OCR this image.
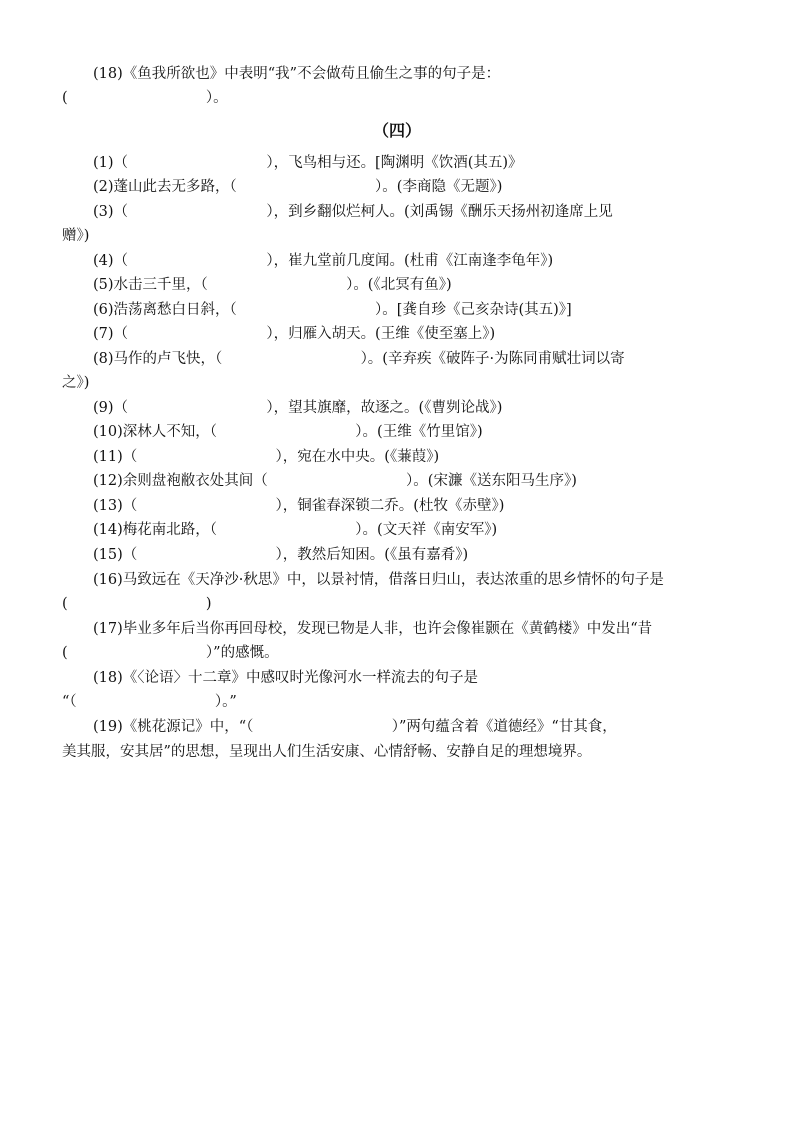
(18)《鱼我所欲也》中表明“我”不会做苟且偷生之事的句子是：
(                              ）。
（四）
(1)（                              ），飞鸟相与还。[陶渊明《饮酒(其五)》
(2)蓬山此去无多路，（                              ）。(李商隐《无题》)
(3)（                              ），到乡翻似烂柯人。(刘禹锡《酬乐天扬州初逢席上见
赠》)
(4)（                              ），崔九堂前几度闻。(杜甫《江南逢李龟年》)
(5)水击三千里，（                              ）。(《北冥有鱼》)
(6)浩荡离愁白日斜，（                              ）。[龚自珍《己亥杂诗(其五)》]
(7)（                              ），归雁入胡天。(王维《使至塞上》)
(8)马作的卢飞快，（                              ）。(辛弃疾《破阵子·为陈同甫赋壮词以寄
之》)
(9)（                              ），望其旗靡，故逐之。(《曹刿论战》)
(10)深林人不知，（                              ）。(王维《竹里馆》)
(11)（                              ），宛在水中央。(《蒹葭》)
(12)余则盘袍敝衣处其间（                              ）。(宋濂《送东阳马生序》)
(13)（                              ），铜雀春深锁二乔。(杜牧《赤壁》)
(14)梅花南北路，（                              ）。(文天祥《南安军》)
(15)（                              ），教然后知困。(《虽有嘉肴》)
(16)马致远在《天净沙·秋思》中，以景衬情，借落日归山，表达浓重的思乡情怀的句子是
(                              )
(17)毕业多年后当你再回母校，发现已物是人非，也许会像崔颢在《黄鹤楼》中发出“昔
(                              ）”的感慨。
(18)《〈论语〉十二章》中感叹时光像河水一样流去的句子是
“（                              ）。”
(19)《桃花源记》中，“（                              ）”两句蕴含着《道德经》“甘其食，
美其服，安其居”的思想，呈现出人们生活安康、心情舒畅、安静自足的理想境界。
